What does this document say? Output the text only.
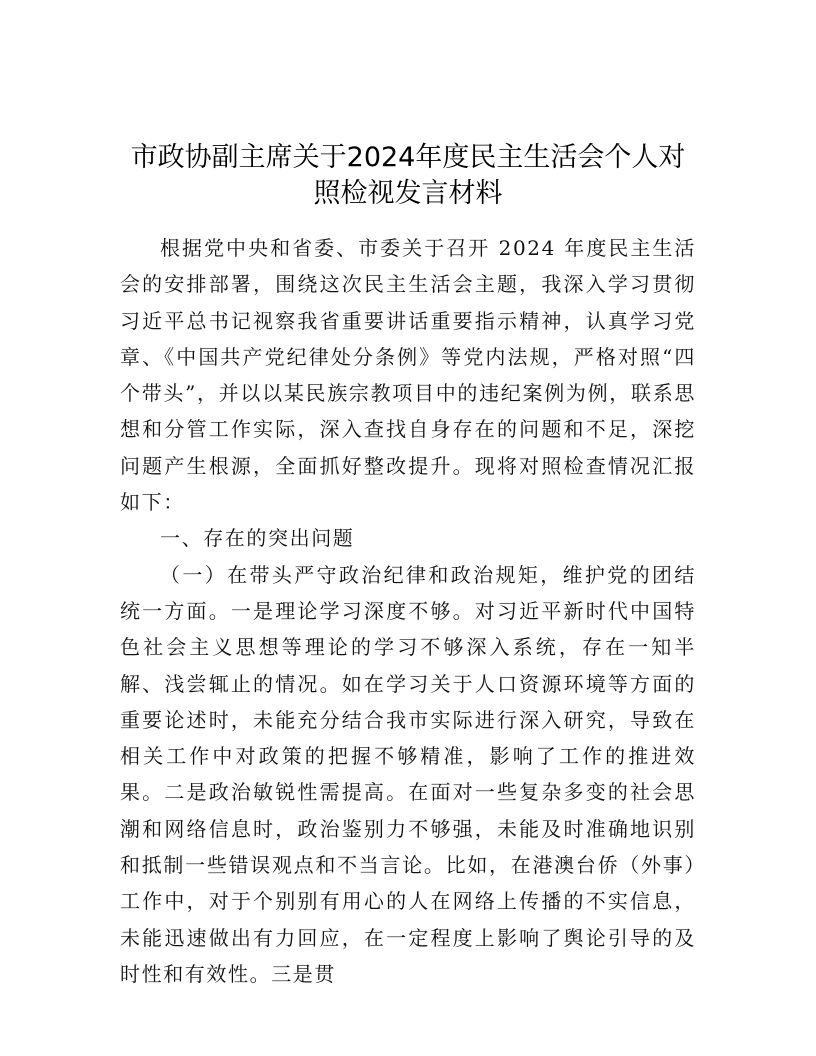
市政协副主席关于2024年度民主生活会个人对
照检视发言材料

根据党中央和省委、市委关于召开 2024 年度民主生活会的安排部署，围绕这次民主生活会主题，我深入学习贯彻习近平总书记视察我省重要讲话重要指示精神，认真学习党章、《中国共产党纪律处分条例》等党内法规，严格对照“四个带头”，并以以某民族宗教项目中的违纪案例为例，联系思想和分管工作实际，深入查找自身存在的问题和不足，深挖问题产生根源，全面抓好整改提升。现将对照检查情况汇报如下：

一、存在的突出问题

（一）在带头严守政治纪律和政治规矩，维护党的团结统一方面。一是理论学习深度不够。对习近平新时代中国特色社会主义思想等理论的学习不够深入系统，存在一知半解、浅尝辄止的情况。如在学习关于人口资源环境等方面的重要论述时，未能充分结合我市实际进行深入研究，导致在相关工作中对政策的把握不够精准，影响了工作的推进效果。二是政治敏锐性需提高。在面对一些复杂多变的社会思潮和网络信息时，政治鉴别力不够强，未能及时准确地识别和抵制一些错误观点和不当言论。比如，在港澳台侨（外事）工作中，对于个别别有用心的人在网络上传播的不实信息，未能迅速做出有力回应，在一定程度上影响了舆论引导的及时性和有效性。三是贯
